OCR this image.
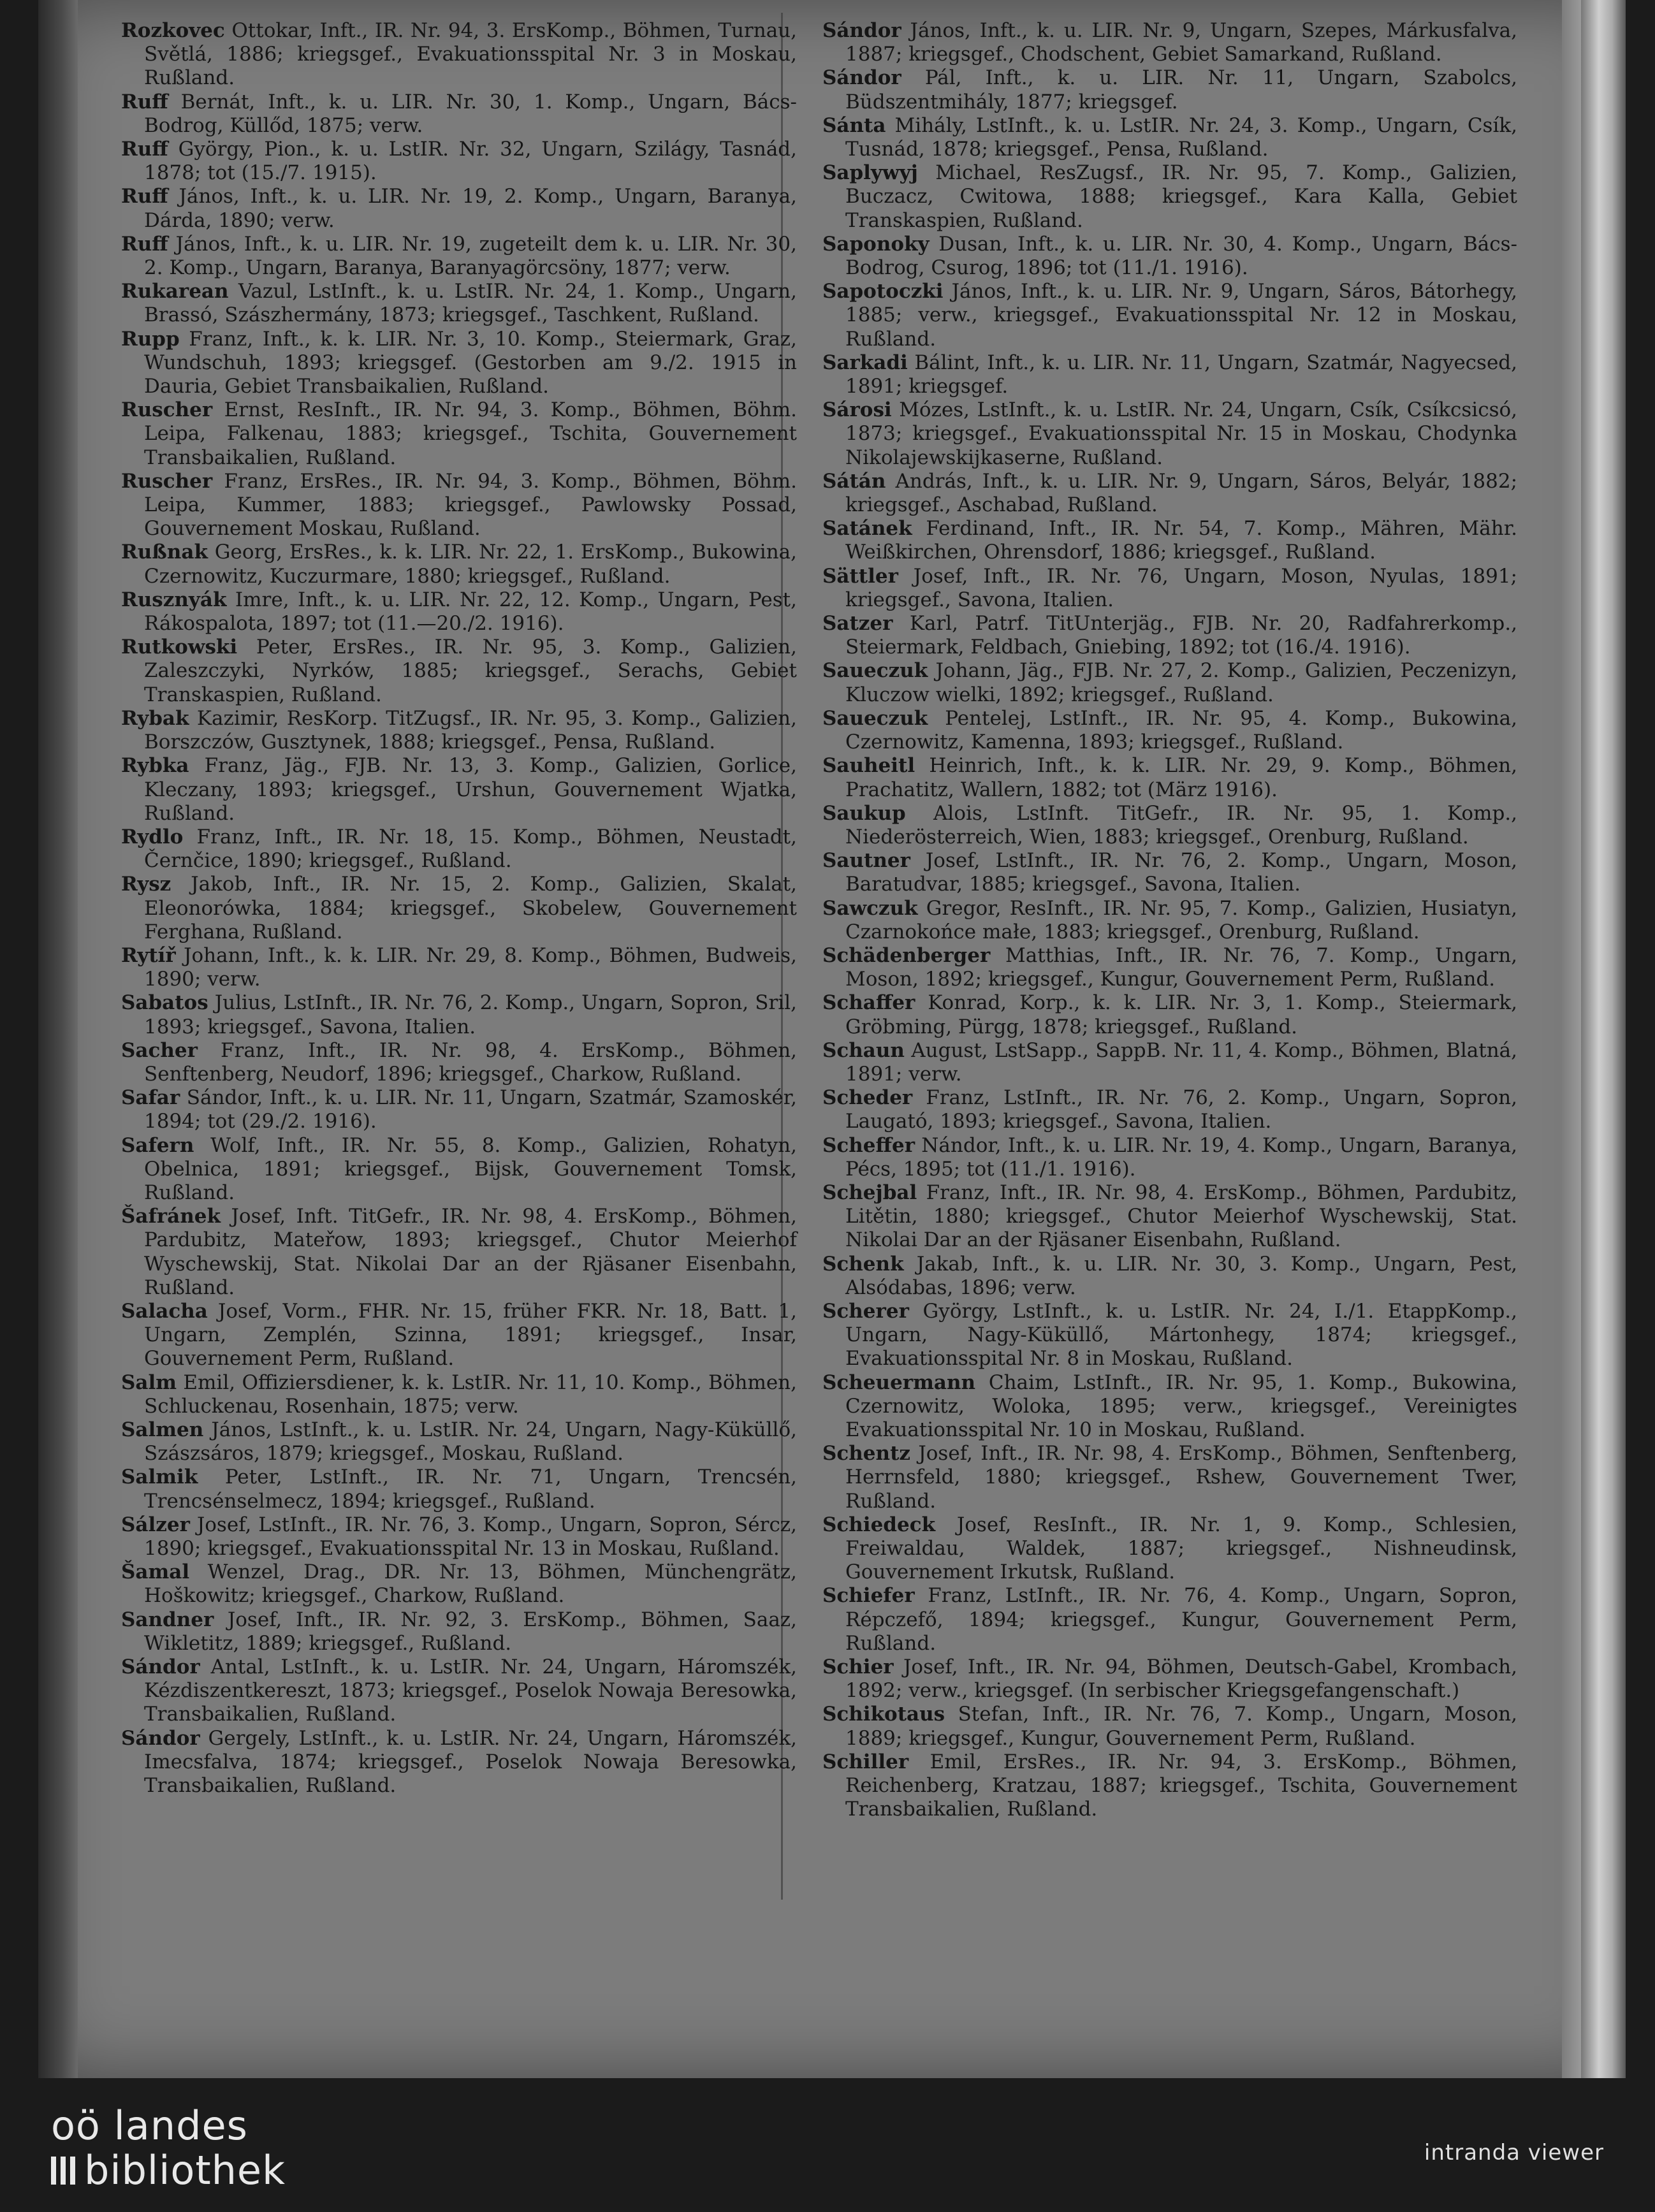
Rozkovec Ottokar, Inft., IR. Nr. 94, 3. ErsKomp., Böhmen, Turnau, Světlá, 1886; kriegsgef., Evakuationsspital Nr. 3 in Moskau, Rußland.

Ruff Bernát, Inft., k. u. LIR. Nr. 30, 1. Komp., Ungarn, Bács-Bodrog, Küllőd, 1875; verw.

Ruff György, Pion., k. u. LstIR. Nr. 32, Ungarn, Szilágy, Tasnád, 1878; tot (15./7. 1915).

Ruff János, Inft., k. u. LIR. Nr. 19, 2. Komp., Ungarn, Baranya, Dárda, 1890; verw.

Ruff János, Inft., k. u. LIR. Nr. 19, zugeteilt dem k. u. LIR. Nr. 30, 2. Komp., Ungarn, Baranya, Baranyagörcsöny, 1877; verw.

Rukarean Vazul, LstInft., k. u. LstIR. Nr. 24, 1. Komp., Ungarn, Brassó, Szászhermány, 1873; kriegsgef., Taschkent, Rußland.

Rupp Franz, Inft., k. k. LIR. Nr. 3, 10. Komp., Steiermark, Graz, Wundschuh, 1893; kriegsgef. (Gestorben am 9./2. 1915 in Dauria, Gebiet Transbaikalien, Rußland.

Ruscher Ernst, ResInft., IR. Nr. 94, 3. Komp., Böhmen, Böhm. Leipa, Falkenau, 1883; kriegsgef., Tschita, Gouvernement Transbaikalien, Rußland.

Ruscher Franz, ErsRes., IR. Nr. 94, 3. Komp., Böhmen, Böhm. Leipa, Kummer, 1883; kriegsgef., Pawlowsky Possad, Gouvernement Moskau, Rußland.

Rußnak Georg, ErsRes., k. k. LIR. Nr. 22, 1. ErsKomp., Bukowina, Czernowitz, Kuczurmare, 1880; kriegsgef., Rußland.

Rusznyák Imre, Inft., k. u. LIR. Nr. 22, 12. Komp., Ungarn, Pest, Rákospalota, 1897; tot (11.—20./2. 1916).

Rutkowski Peter, ErsRes., IR. Nr. 95, 3. Komp., Galizien, Zaleszczyki, Nyrków, 1885; kriegsgef., Serachs, Gebiet Transkaspien, Rußland.

Rybak Kazimir, ResKorp. TitZugsf., IR. Nr. 95, 3. Komp., Galizien, Borszczów, Gusztynek, 1888; kriegsgef., Pensa, Rußland.

Rybka Franz, Jäg., FJB. Nr. 13, 3. Komp., Galizien, Gorlice, Kleczany, 1893; kriegsgef., Urshun, Gouvernement Wjatka, Rußland.

Rydlo Franz, Inft., IR. Nr. 18, 15. Komp., Böhmen, Neustadt, Černčice, 1890; kriegsgef., Rußland.

Rysz Jakob, Inft., IR. Nr. 15, 2. Komp., Galizien, Skalat, Eleonorówka, 1884; kriegsgef., Skobelew, Gouvernement Ferghana, Rußland.

Rytíř Johann, Inft., k. k. LIR. Nr. 29, 8. Komp., Böhmen, Budweis, 1890; verw.

Sabatos Julius, LstInft., IR. Nr. 76, 2. Komp., Ungarn, Sopron, Sril, 1893; kriegsgef., Savona, Italien.

Sacher Franz, Inft., IR. Nr. 98, 4. ErsKomp., Böhmen, Senftenberg, Neudorf, 1896; kriegsgef., Charkow, Rußland.

Safar Sándor, Inft., k. u. LIR. Nr. 11, Ungarn, Szatmár, Szamoskér, 1894; tot (29./2. 1916).

Safern Wolf, Inft., IR. Nr. 55, 8. Komp., Galizien, Rohatyn, Obelnica, 1891; kriegsgef., Bijsk, Gouvernement Tomsk, Rußland.

Šafránek Josef, Inft. TitGefr., IR. Nr. 98, 4. ErsKomp., Böhmen, Pardubitz, Mateřow, 1893; kriegsgef., Chutor Meierhof Wyschewskij, Stat. Nikolai Dar an der Rjäsaner Eisenbahn, Rußland.

Salacha Josef, Vorm., FHR. Nr. 15, früher FKR. Nr. 18, Batt. 1, Ungarn, Zemplén, Szinna, 1891; kriegsgef., Insar, Gouvernement Perm, Rußland.

Salm Emil, Offiziersdiener, k. k. LstIR. Nr. 11, 10. Komp., Böhmen, Schluckenau, Rosenhain, 1875; verw.

Salmen János, LstInft., k. u. LstIR. Nr. 24, Ungarn, Nagy-Küküllő, Szászsáros, 1879; kriegsgef., Moskau, Rußland.

Salmik Peter, LstInft., IR. Nr. 71, Ungarn, Trencsén, Trencsénselmecz, 1894; kriegsgef., Rußland.

Sálzer Josef, LstInft., IR. Nr. 76, 3. Komp., Ungarn, Sopron, Sércz, 1890; kriegsgef., Evakuationsspital Nr. 13 in Moskau, Rußland.

Šamal Wenzel, Drag., DR. Nr. 13, Böhmen, Münchengrätz, Hoškowitz; kriegsgef., Charkow, Rußland.

Sandner Josef, Inft., IR. Nr. 92, 3. ErsKomp., Böhmen, Saaz, Wikletitz, 1889; kriegsgef., Rußland.

Sándor Antal, LstInft., k. u. LstIR. Nr. 24, Ungarn, Háromszék, Kézdiszentkereszt, 1873; kriegsgef., Poselok Nowaja Beresowka, Transbaikalien, Rußland.

Sándor Gergely, LstInft., k. u. LstIR. Nr. 24, Ungarn, Háromszék, Imecsfalva, 1874; kriegsgef., Poselok Nowaja Beresowka, Transbaikalien, Rußland.

Sándor János, Inft., k. u. LIR. Nr. 9, Ungarn, Szepes, Márkusfalva, 1887; kriegsgef., Chodschent, Gebiet Samarkand, Rußland.

Sándor Pál, Inft., k. u. LIR. Nr. 11, Ungarn, Szabolcs, Büdszentmihály, 1877; kriegsgef.

Sánta Mihály, LstInft., k. u. LstIR. Nr. 24, 3. Komp., Ungarn, Csík, Tusnád, 1878; kriegsgef., Pensa, Rußland.

Saplywyj Michael, ResZugsf., IR. Nr. 95, 7. Komp., Galizien, Buczacz, Cwitowa, 1888; kriegsgef., Kara Kalla, Gebiet Transkaspien, Rußland.

Saponoky Dusan, Inft., k. u. LIR. Nr. 30, 4. Komp., Ungarn, Bács-Bodrog, Csurog, 1896; tot (11./1. 1916).

Sapotoczki János, Inft., k. u. LIR. Nr. 9, Ungarn, Sáros, Bátorhegy, 1885; verw., kriegsgef., Evakuationsspital Nr. 12 in Moskau, Rußland.

Sarkadi Bálint, Inft., k. u. LIR. Nr. 11, Ungarn, Szatmár, Nagyecsed, 1891; kriegsgef.

Sárosi Mózes, LstInft., k. u. LstIR. Nr. 24, Ungarn, Csík, Csíkcsicsó, 1873; kriegsgef., Evakuationsspital Nr. 15 in Moskau, Chodynka Nikolajewskijkaserne, Rußland.

Sátán András, Inft., k. u. LIR. Nr. 9, Ungarn, Sáros, Belyár, 1882; kriegsgef., Aschabad, Rußland.

Satánek Ferdinand, Inft., IR. Nr. 54, 7. Komp., Mähren, Mähr. Weißkirchen, Ohrensdorf, 1886; kriegsgef., Rußland.

Sättler Josef, Inft., IR. Nr. 76, Ungarn, Moson, Nyulas, 1891; kriegsgef., Savona, Italien.

Satzer Karl, Patrf. TitUnterjäg., FJB. Nr. 20, Radfahrerkomp., Steiermark, Feldbach, Gniebing, 1892; tot (16./4. 1916).

Saueczuk Johann, Jäg., FJB. Nr. 27, 2. Komp., Galizien, Peczenizyn, Kluczow wielki, 1892; kriegsgef., Rußland.

Saueczuk Pentelej, LstInft., IR. Nr. 95, 4. Komp., Bukowina, Czernowitz, Kamenna, 1893; kriegsgef., Rußland.

Sauheitl Heinrich, Inft., k. k. LIR. Nr. 29, 9. Komp., Böhmen, Prachatitz, Wallern, 1882; tot (März 1916).

Saukup Alois, LstInft. TitGefr., IR. Nr. 95, 1. Komp., Niederösterreich, Wien, 1883; kriegsgef., Orenburg, Rußland.

Sautner Josef, LstInft., IR. Nr. 76, 2. Komp., Ungarn, Moson, Baratudvar, 1885; kriegsgef., Savona, Italien.

Sawczuk Gregor, ResInft., IR. Nr. 95, 7. Komp., Galizien, Husiatyn, Czarnokońce małe, 1883; kriegsgef., Orenburg, Rußland.

Schädenberger Matthias, Inft., IR. Nr. 76, 7. Komp., Ungarn, Moson, 1892; kriegsgef., Kungur, Gouvernement Perm, Rußland.

Schaffer Konrad, Korp., k. k. LIR. Nr. 3, 1. Komp., Steiermark, Gröbming, Pürgg, 1878; kriegsgef., Rußland.

Schaun August, LstSapp., SappB. Nr. 11, 4. Komp., Böhmen, Blatná, 1891; verw.

Scheder Franz, LstInft., IR. Nr. 76, 2. Komp., Ungarn, Sopron, Laugató, 1893; kriegsgef., Savona, Italien.

Scheffer Nándor, Inft., k. u. LIR. Nr. 19, 4. Komp., Ungarn, Baranya, Pécs, 1895; tot (11./1. 1916).

Schejbal Franz, Inft., IR. Nr. 98, 4. ErsKomp., Böhmen, Pardubitz, Litětin, 1880; kriegsgef., Chutor Meierhof Wyschewskij, Stat. Nikolai Dar an der Rjäsaner Eisenbahn, Rußland.

Schenk Jakab, Inft., k. u. LIR. Nr. 30, 3. Komp., Ungarn, Pest, Alsódabas, 1896; verw.

Scherer György, LstInft., k. u. LstIR. Nr. 24, I./1. EtappKomp., Ungarn, Nagy-Küküllő, Mártonhegy, 1874; kriegsgef., Evakuationsspital Nr. 8 in Moskau, Rußland.

Scheuermann Chaim, LstInft., IR. Nr. 95, 1. Komp., Bukowina, Czernowitz, Woloka, 1895; verw., kriegsgef., Vereinigtes Evakuationsspital Nr. 10 in Moskau, Rußland.

Schentz Josef, Inft., IR. Nr. 98, 4. ErsKomp., Böhmen, Senftenberg, Herrnsfeld, 1880; kriegsgef., Rshew, Gouvernement Twer, Rußland.

Schiedeck Josef, ResInft., IR. Nr. 1, 9. Komp., Schlesien, Freiwaldau, Waldek, 1887; kriegsgef., Nishneudinsk, Gouvernement Irkutsk, Rußland.

Schiefer Franz, LstInft., IR. Nr. 76, 4. Komp., Ungarn, Sopron, Répczefő, 1894; kriegsgef., Kungur, Gouvernement Perm, Rußland.

Schier Josef, Inft., IR. Nr. 94, Böhmen, Deutsch-Gabel, Krombach, 1892; verw., kriegsgef. (In serbischer Kriegsgefangenschaft.)

Schikotaus Stefan, Inft., IR. Nr. 76, 7. Komp., Ungarn, Moson, 1889; kriegsgef., Kungur, Gouvernement Perm, Rußland.

Schiller Emil, ErsRes., IR. Nr. 94, 3. ErsKomp., Böhmen, Reichenberg, Kratzau, 1887; kriegsgef., Tschita, Gouvernement Transbaikalien, Rußland.

oö landes
bibliothek	intranda viewer
